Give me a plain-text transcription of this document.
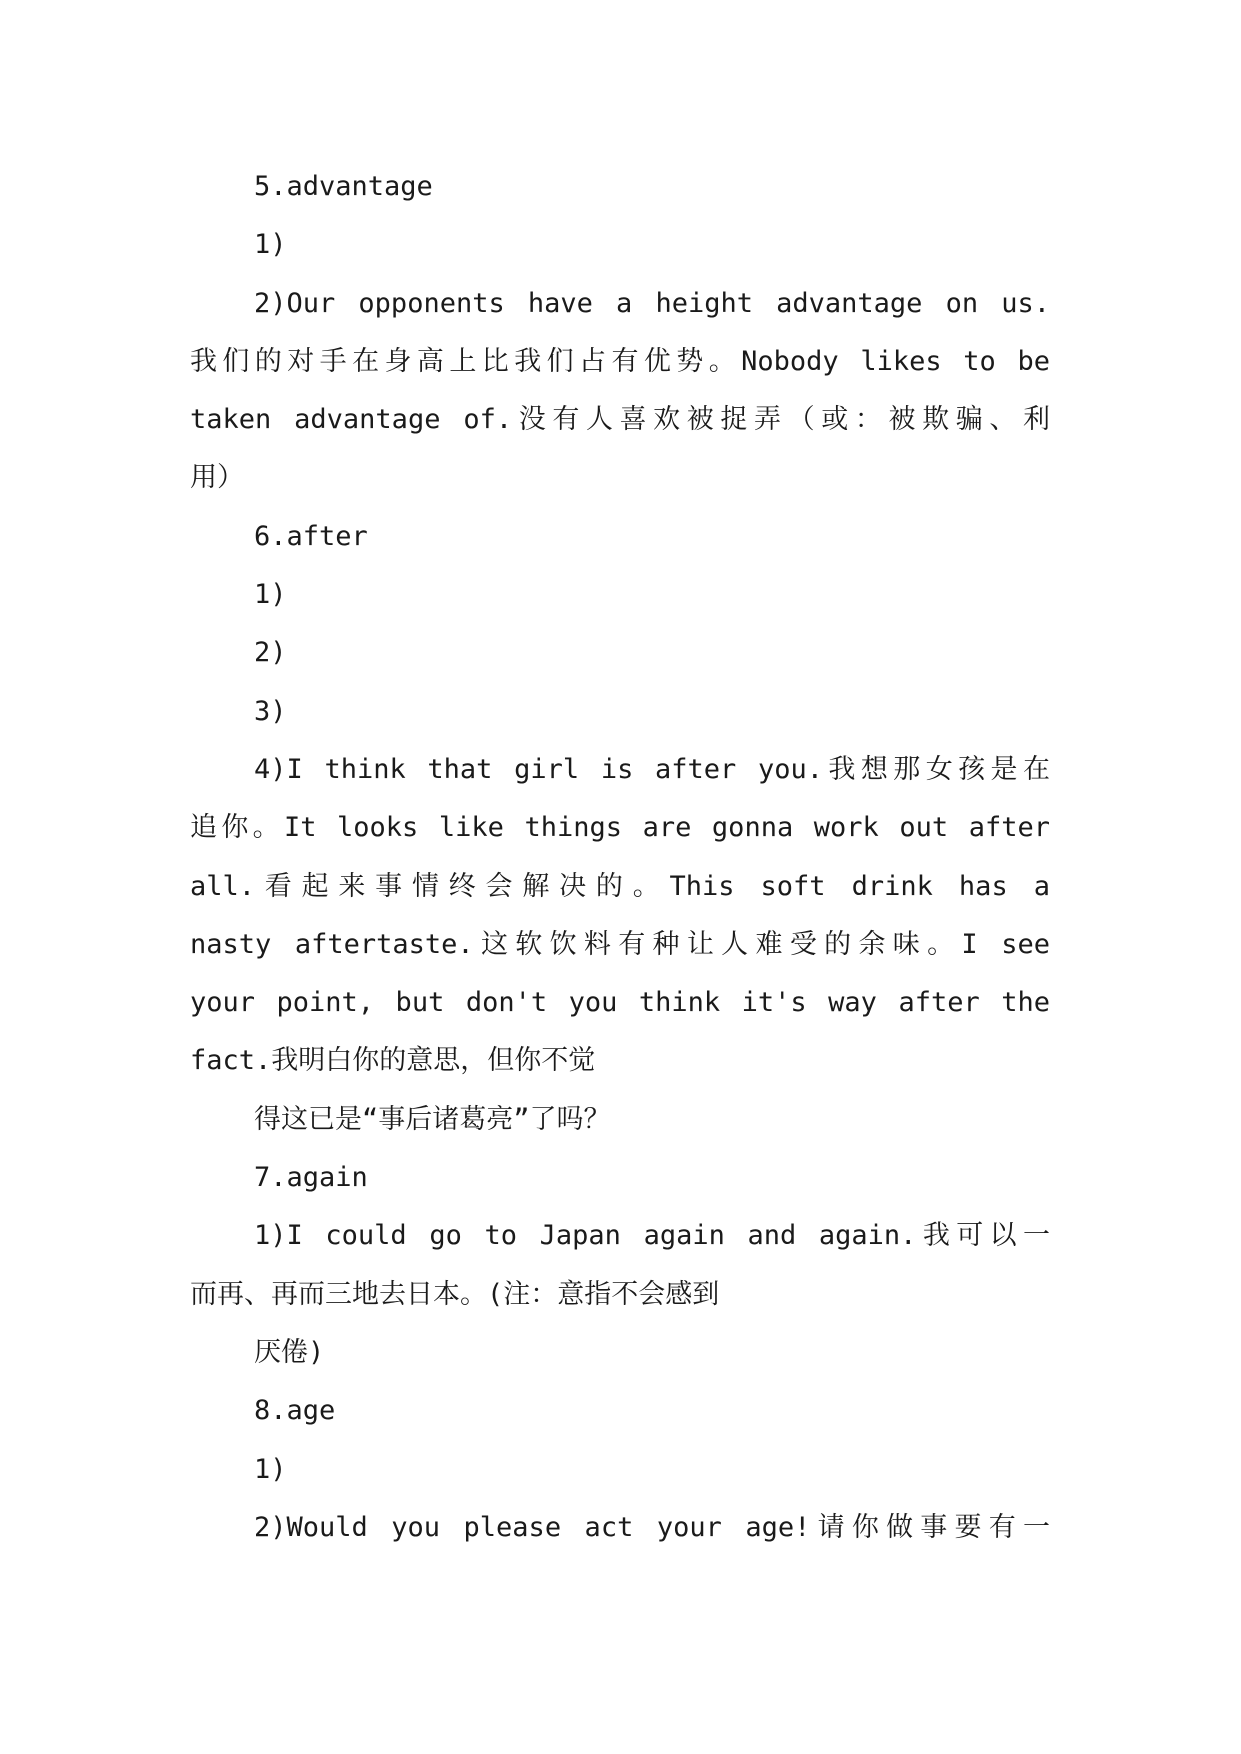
5.advantage
1)
2)Our opponents have a height advantage on us.
我们的对手在身高上比我们占有优势。Nobody likes to be
taken advantage of.没有人喜欢被捉弄（或：被欺骗、利
用）
6.after
1)
2)
3)
4)I think that girl is after you.我想那女孩是在
追你。It looks like things are gonna work out after
all.看起来事情终会解决的。This soft drink has a
nasty aftertaste.这软饮料有种让人难受的余味。I see
your point, but don't you think it's way after the
fact.我明白你的意思，但你不觉
得这已是“事后诸葛亮”了吗？
7.again
1)I could go to Japan again and again.我可以一
而再、再而三地去日本。(注：意指不会感到
厌倦)
8.age
1)
2)Would you please act your age!请你做事要有一
